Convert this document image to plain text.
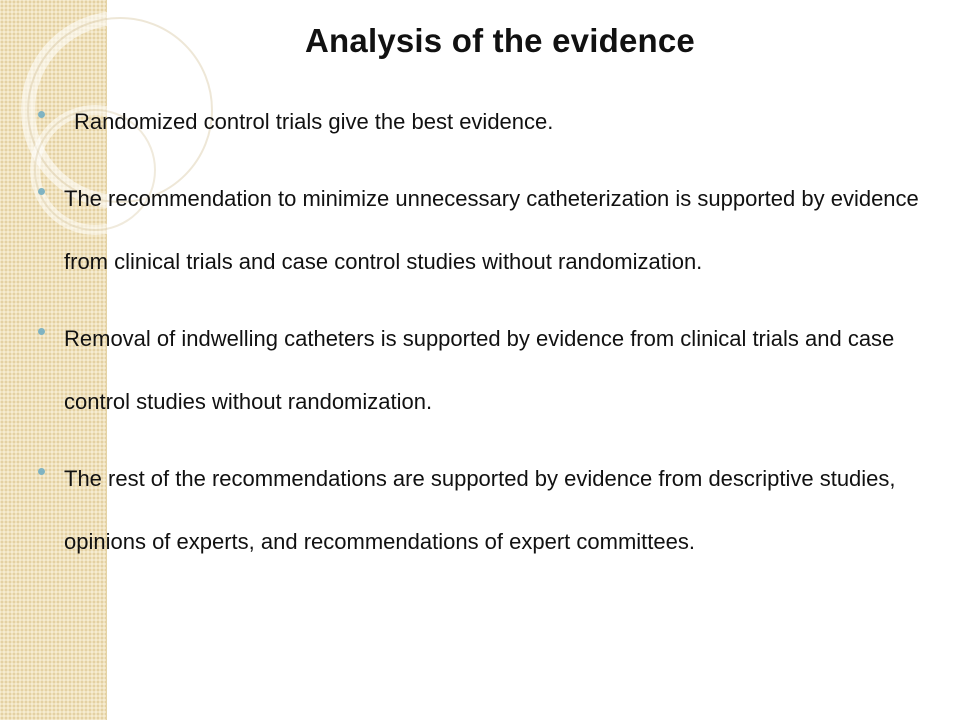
Analysis of the evidence
Randomized control trials give the best evidence.
The recommendation to minimize unnecessary catheterization is supported by evidence from clinical trials and case control studies without randomization.
Removal of indwelling catheters is supported by evidence from clinical trials and case control studies without randomization.
The rest of the recommendations are supported by evidence from descriptive studies, opinions of experts, and recommendations of expert committees.
